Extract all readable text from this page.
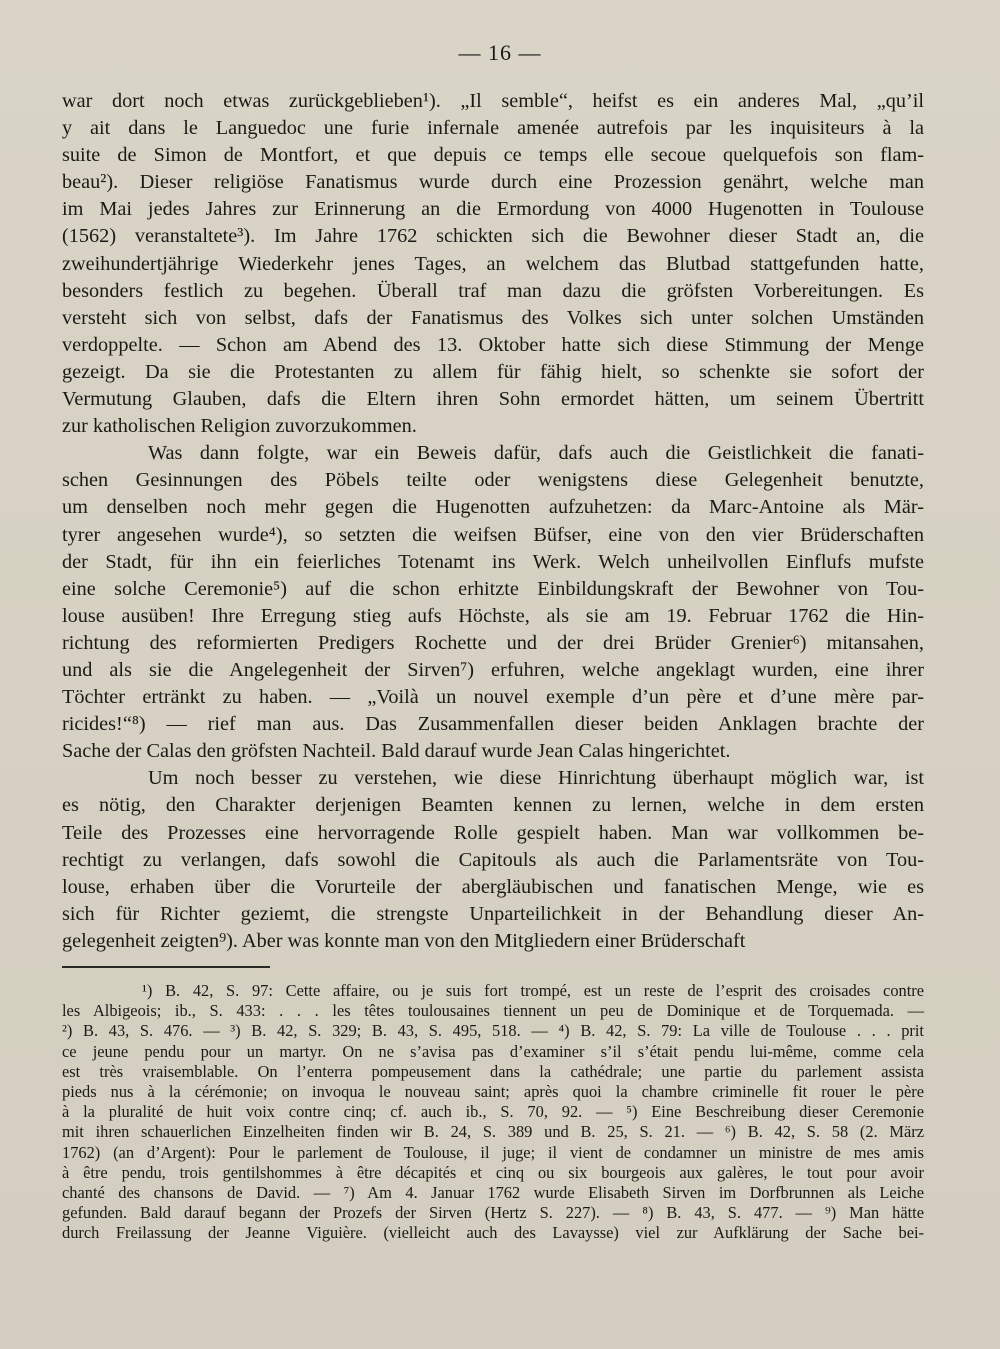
— 16 —
war dort noch etwas zurückgeblieben¹). „Il semble“, heifst es ein anderes Mal, „qu’il
y ait dans le Languedoc une furie infernale amenée autrefois par les inquisiteurs à la
suite de Simon de Montfort, et que depuis ce temps elle secoue quelquefois son flam-
beau²). Dieser religiöse Fanatismus wurde durch eine Prozession genährt, welche man
im Mai jedes Jahres zur Erinnerung an die Ermordung von 4000 Hugenotten in Toulouse
(1562) veranstaltete³). Im Jahre 1762 schickten sich die Bewohner dieser Stadt an, die
zweihundertjährige Wiederkehr jenes Tages, an welchem das Blutbad stattgefunden hatte,
besonders festlich zu begehen. Überall traf man dazu die gröfsten Vorbereitungen. Es
versteht sich von selbst, dafs der Fanatismus des Volkes sich unter solchen Umständen
verdoppelte. — Schon am Abend des 13. Oktober hatte sich diese Stimmung der Menge
gezeigt. Da sie die Protestanten zu allem für fähig hielt, so schenkte sie sofort der
Vermutung Glauben, dafs die Eltern ihren Sohn ermordet hätten, um seinem Übertritt
zur katholischen Religion zuvorzukommen.
Was dann folgte, war ein Beweis dafür, dafs auch die Geistlichkeit die fanati-
schen Gesinnungen des Pöbels teilte oder wenigstens diese Gelegenheit benutzte,
um denselben noch mehr gegen die Hugenotten aufzuhetzen: da Marc-Antoine als Mär-
tyrer angesehen wurde⁴), so setzten die weifsen Büfser, eine von den vier Brüderschaften
der Stadt, für ihn ein feierliches Totenamt ins Werk. Welch unheilvollen Einflufs mufste
eine solche Ceremonie⁵) auf die schon erhitzte Einbildungskraft der Bewohner von Tou-
louse ausüben! Ihre Erregung stieg aufs Höchste, als sie am 19. Februar 1762 die Hin-
richtung des reformierten Predigers Rochette und der drei Brüder Grenier⁶) mitansahen,
und als sie die Angelegenheit der Sirven⁷) erfuhren, welche angeklagt wurden, eine ihrer
Töchter ertränkt zu haben. — „Voilà un nouvel exemple d’un père et d’une mère par-
ricides!“⁸) — rief man aus. Das Zusammenfallen dieser beiden Anklagen brachte der
Sache der Calas den gröfsten Nachteil. Bald darauf wurde Jean Calas hingerichtet.
Um noch besser zu verstehen, wie diese Hinrichtung überhaupt möglich war, ist
es nötig, den Charakter derjenigen Beamten kennen zu lernen, welche in dem ersten
Teile des Prozesses eine hervorragende Rolle gespielt haben. Man war vollkommen be-
rechtigt zu verlangen, dafs sowohl die Capitouls als auch die Parlamentsräte von Tou-
louse, erhaben über die Vorurteile der abergläubischen und fanatischen Menge, wie es
sich für Richter geziemt, die strengste Unparteilichkeit in der Behandlung dieser An-
gelegenheit zeigten⁹). Aber was konnte man von den Mitgliedern einer Brüderschaft
¹) B. 42, S. 97: Cette affaire, ou je suis fort trompé, est un reste de l’esprit des croisades contre
les Albigeois; ib., S. 433: . . . les têtes toulousaines tiennent un peu de Dominique et de Torquemada. —
²) B. 43, S. 476. — ³) B. 42, S. 329; B. 43, S. 495, 518. — ⁴) B. 42, S. 79: La ville de Toulouse . . . prit
ce jeune pendu pour un martyr. On ne s’avisa pas d’examiner s’il s’était pendu lui-même, comme cela
est très vraisemblable. On l’enterra pompeusement dans la cathédrale; une partie du parlement assista
pieds nus à la cérémonie; on invoqua le nouveau saint; après quoi la chambre criminelle fit rouer le père
à la pluralité de huit voix contre cinq; cf. auch ib., S. 70, 92. — ⁵) Eine Beschreibung dieser Ceremonie
mit ihren schauerlichen Einzelheiten finden wir B. 24, S. 389 und B. 25, S. 21. — ⁶) B. 42, S. 58 (2. März
1762) (an d’Argent): Pour le parlement de Toulouse, il juge; il vient de condamner un ministre de mes amis
à être pendu, trois gentilshommes à être décapités et cinq ou six bourgeois aux galères, le tout pour avoir
chanté des chansons de David. — ⁷) Am 4. Januar 1762 wurde Elisabeth Sirven im Dorfbrunnen als Leiche
gefunden. Bald darauf begann der Prozefs der Sirven (Hertz S. 227). — ⁸) B. 43, S. 477. — ⁹) Man hätte
durch Freilassung der Jeanne Viguière. (vielleicht auch des Lavaysse) viel zur Aufklärung der Sache bei-
